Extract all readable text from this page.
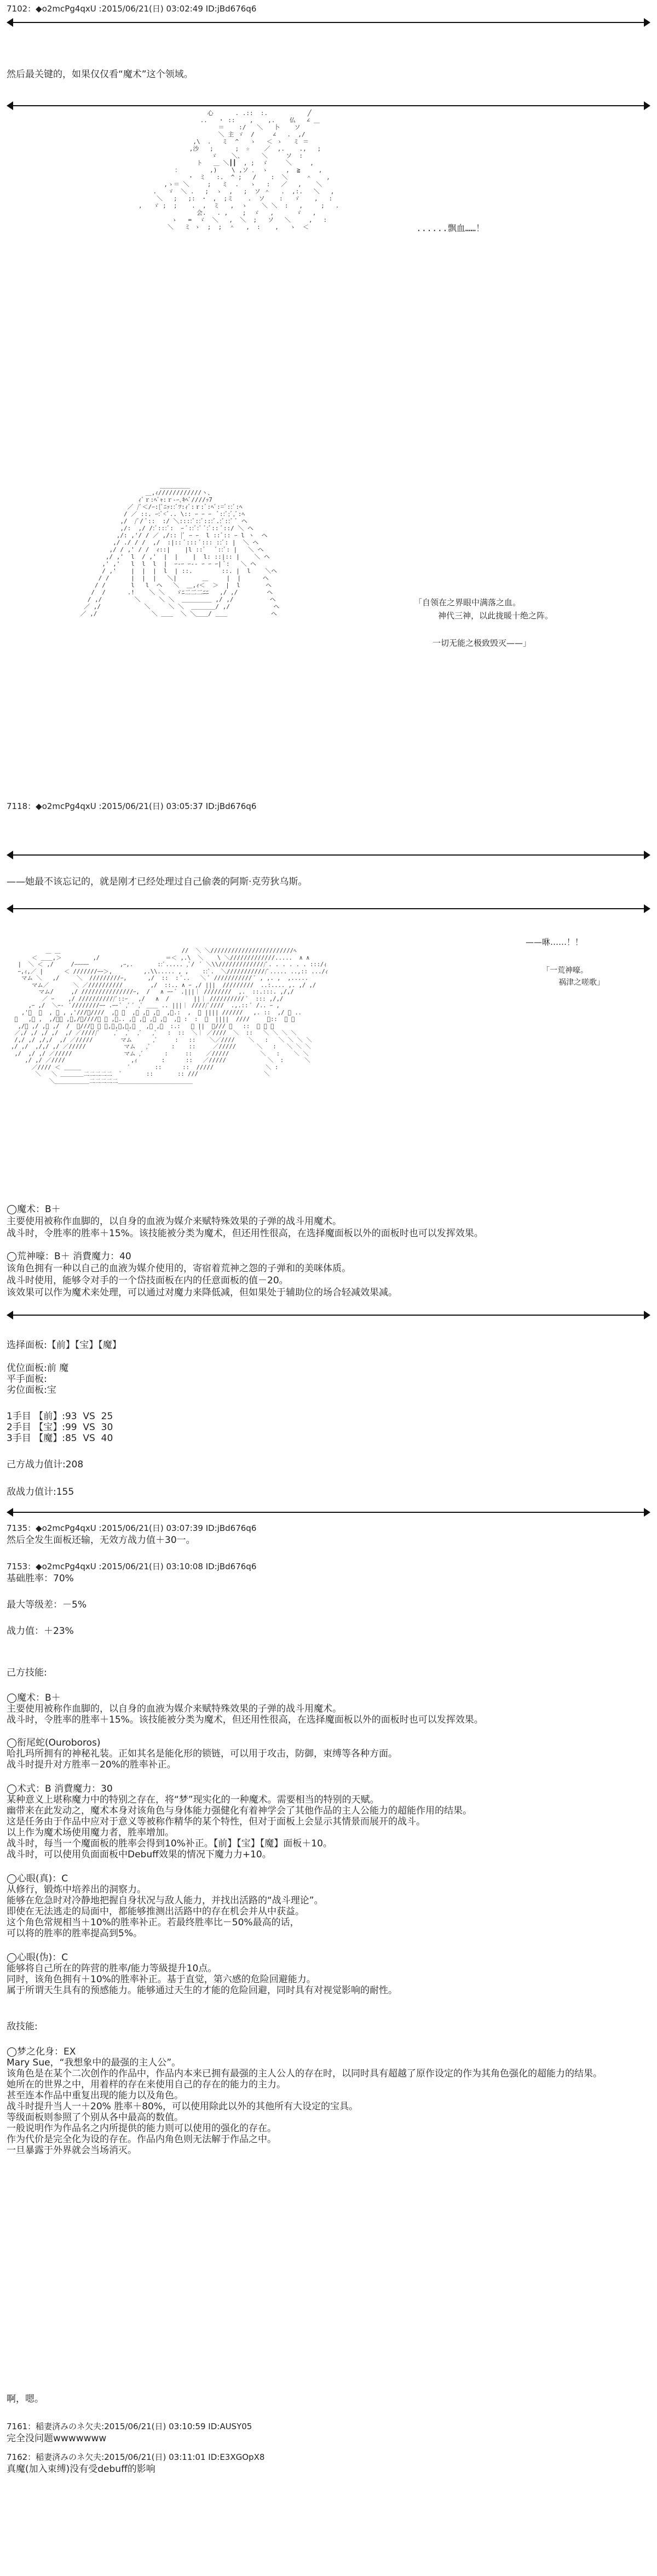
7102：◆o2mcPg4qxU :2015/06/21(日) 03:02:49 ID:jBd676q6
然后最关键的，如果仅仅看“魔术”这个领域。
心      . .::  :.           ╱
..   ・ ::    ,    ,.    仏   ∠ ＿
＝    :/   ＼   卜    ソ
＼ 主 ゞ  /     ∠   .  ,/
,\  .   ミ  ^   ゝ   ＜ ゝ   ミ ＝
,沙   ;      ;  ☆    ／  ,.    .,   ;
ゞ    ＼、     ＼     ソ  :
ト   ＿ ＼┃┃  , ;  ゞ     ＼     ,
：        ,)    \ ,ソ ． ゝ     ,  ≧     ,
･  ミ   :.  ^ ;   /    :  ＼     ＾    ,
,ゝ＝ ＼     ;   ミ  .   ゝ   :   ／   ,    ＼
.   ゞ  ＼ .   ;  ゝ  ,   ;  ソ ＾   .  ,:.   ＼   ,
＼   ;   ;:  ･  ,  ;ミ    .  ソ    :   ゞ    ,   :
,   ゞ ;  ;    .  ,  ミ   ,  ゝ    ＼ ＼  :   ,     ;   .
会.   . ,    ;  ゞ   ,      ゞ   ,
ゝ   =  ゞ  ＼   ,  ＼  ;   ソ   ＼     ,   :
＼   ミ ゝ  ;  ;  ＾   ,  :    ,   ゝ  ＜	......飘血……！
＿＿＿＿＿
＿,ｨ////////////ヽ、
ｨﾞｒ:ﾍﾞｬ:ｒ‐ｰ､ｷﾍﾞ////ｯ7
／ /ﾞ＜/ｰ:{ﾞﾆｯ::ﾞﾂ:ｨﾞ:ｒ:ﾞ:ﾍﾞ:=ﾞ::ﾞ:ﾍ
/ ／ ::. ｰ:ﾞ<ﾞ.. \:: ｰ ｰ ｰ  ﾞ::ﾞ;ﾞ,ﾞ:ﾍ
,/  /ﾞ/ ﾞ::  :/ ＼::::ﾞ::ﾞ:::ﾞ.:ﾞ::ﾞ ﾞ ヘ
,/:  ,/ /:ﾞ:::ﾞ:  ｰ ﾞ::ﾞ:ﾞ ﾞ:ﾞ:: ﾞ::/ ＼ ヘ
,/: ,'/ / ／ ,/:: |ﾞ ｰ ｰ  l ::ﾞ:: ｰ l ヽ  ヘ
,/ ./ / /  ,/  :|:: ﾞ::: ﾞ::: ::ﾞ: |  ＼ ヘ
,/ / ,' / /  ｨ::|    |l ::ﾞ   ﾞ::ﾞ: |   ＼ ヘ
,/ ,'  l  / ,'  |  |    |  l: ::|:: |    ＼ ヘ
,' ,'   l  l  l  |  ｰ‐ｰ ｰ‐‐ ｰ ｰ ｰ| ﾞ:   ＼ ヘ
/ ,'    |  |  |  l  | ::.        ::. |  l    ＼ヘ
/ /      |  |  |   ＼|       ＿     |  |      ヘ
/ /       l   l  ヘ   ＼  ＿,ｨ＜  ＞  |  l       ヘ
/  /      .!    ＼ ＼   ゞﾆ二二二ﾆﾆ   ,/ ,/        ヘ
/ ,/         ＼     ＼ ＼  ＿＿＿＿＿ ,/ ,/          ヘ
／ ,/            ＼     ＼ ＼  ＿＿＿＿/ ,/            ヘ
／ ,/               ＼ ＿＿  ＼ ＼＿＿/ ＿＿            ヘ
「自领在之界眼中满落之血。
神代三神，以此拢暖十绝之阵。
一切无能之极致毁灭——」
7118：◆o2mcPg4qxU :2015/06/21(日) 03:05:37 ID:jBd676q6
——她最不该忘记的，就是刚才已经处理过自己偷袭的阿斯·克劳狄乌斯。
＿ ＿                                   //  ＼ ＼////////////////////////ﾍ
＜ ＿＿,＞         ,/                   ＝＜ ,.\  ＼    \ ＼/////////////.....  ∧ ∧
|  ＼ ＜ ,/     /ｰｰｰｰｰ         ,ｰ,.       ::ﾞ..... ,ﾞ/  ﾞ ＼\\//////////////ﾞ. . . . . . :::/ｨ
ｰ,ｨ,／ |      ＜ ///////ｰｰ＞,         ,.\\..... , ,    ::ﾞ.  ＼////////////ﾞ..... ..,:: .../ｨ
マム ＼   ,/     ＼  /////////ｰ,      ,/  ::  : ﾞ..   ＼ ﾞ /////////// ﾞ , ,. ,  ,.....
マム／       ＼ ／//////////        ,/  ::.. ∧ ｰ ,/ |||  /////////  ..:.... ,. ,/ ,/
マム/     ,/ ///////////////ｰ,  /   ∧ ｰｰ ﾞ .|||｜ ////////  ,.  ::.:::. ,/,/
／ ｰ    ,/ ///////////ﾞ::ｰ   ,/   ∧  /       ||｜ ////////// ﾞ  ::: ,/,/
,ｰ ,/  ＼ｰ‐  ﾞ////////ｰｰ .ｰｰ ﾞ ,ﾞ ﾞ ,ﾞ ＿＿ .. |||｜ /////ﾞ////  .,.:: ﾞ /.. ｰ ,
,'ﾞ  ＼  , ｰ , ,'///ﾞ////  ,ﾞ ﾞ  ,ﾞ ,ﾞ ,ﾞ  ,ﾞ.:  ,  ＼ |||| //////   ,. ::  ,/ ﾞ ..
ﾞ   ,ｰ ,  ,/ｰｰ ,ﾞ,/ﾞ////ｰ ｰ ,ﾞ.. ,ﾞ ,ﾞ ,ﾞ ,ﾞ  ,ﾞ :  :  ＼  ||||  ////     ﾞ::  ＼ ＼
,/ﾞ ,/ ,ﾞ ,/  /  ／///ﾞ ＼ ＼,ﾞ,ﾞ,ﾞ,ﾞ   ,ﾞ ,ﾞ  :.:   ＼ ||  ／/// ＼   ::  ＼ ＼ ＼
／,/ ,/ ,/ ,/  ,/ ／/////ﾞ    ,ﾞ  ,ﾞ  ,ﾞ   ,ﾞ   :  ::  ＼｜ ／////  ＼  ::   ＼ ＼ ＼ ＼
/,/ ,/ ,/,/  ,/ ／/////        マム      ,ﾞ     :   ::    ＼／////    ＼   :   ＼ ＼ ＼ ＼
,/ ,/  ,/,/ ,/ ／/////           マム   ,ﾞ      :    ::     ／/////      ＼   :   ＼ ＼ ＼
,/  ,/ ,/ ／/////               マム ,ﾞ      :     ::    ／/////         ＼   :    ＼ ＼
,/ ,/ ／////                   ,ｨ       :      ::   ／/////            ＼  :      ＼
／//// ＜ ＿＿＿              ﾞ       ::      ::  /////               ＼ :
＼   ＼ ＿＿＿＿二二二二二  ﾞ       ::       :: ///                   ＼
＼＿＿＿＿＿＿二二二二二＿＿＿＿＿＿＿＿＿＿＿＿＿
——咻……！！
「一荒神嚎。
祸津之嗟歌」
◯魔术：B＋
主要使用被称作血脚的，以自身的血液为媒介来赋特殊效果的子弹的战斗用魔术。
战斗时，令胜率的胜率＋15%。该技能被分类为魔术，但还用性很高，在选择魔面板以外的面板时也可以发挥效果。
◯荒神嚎：B＋ 消費魔力：40
该角色拥有一种以自己的血液为媒介使用的，寄宿着荒神之怨的子弹和的美咪体质。
战斗时使用，能够令对手的一个岱技面板在内的任意面板的值－20。
该效果可以作为魔术来处理，可以通过对魔力来降低减，但如果处于辅助位的场合轻减效果减。
选择面板:【前】【宝】【魔】
优位面板:前 魔
平手面板:
劣位面板:宝
1手目 【前】:93 VS 25
2手目 【宝】:99 VS 30
3手目 【魔】:85 VS 40
己方战力值计:208
敌战力值计:155
7135：◆o2mcPg4qxU :2015/06/21(日) 03:07:39 ID:jBd676q6
然后全发生面板还输，无效方战力值＋30一。
7153：◆o2mcPg4qxU :2015/06/21(日) 03:10:08 ID:jBd676q6
基础胜率：70%
最大等级差：－5%
战力值：＋23%
己方技能:
◯魔术：B＋
主要使用被称作血脚的，以自身的血液为媒介来赋特殊效果的子弹的战斗用魔术。
战斗时，令胜率的胜率＋15%。该技能被分类为魔术，但还用性很高，在选择魔面板以外的面板时也可以发挥效果。
◯衔尾蛇(Ouroboros)
哈扎玛所拥有的神秘礼装。正如其名是能化形的锁链，可以用于攻击，防御，束缚等各种方面。
战斗时提升对方胜率－20%的胜率补正。
◯术式：B 消費魔力：30
某种意义上堪称魔力中的特别之存在，将“梦”现实化的一种魔术。需要相当的特别的天赋。
幽带来在此发动之，魔术本身对该角色与身体能力强健化有着神学会了其他作品的主人公能力的超能作用的结果。
这是任务由于作品中应对于意义等被称作精华的某个特性，但对于面板上会显示其情景而展开的战斗。
以上作为魔术场使用魔力者，胜率增加。
战斗时，每当一个魔面板的胜率会得到10%补正。【前】【宝】【魔】面板＋10。
战斗时，可以使用负面面板中Debuff效果的情况下魔力力+10。
◯心眼(真)：C
从修行，锻炼中培养出的洞察力。
能够在危急时对冷静地把握自身状况与敌人能力，并找出活路的“战斗理论”。
即使在无法逃走的局面中，都能够推测出活路中的存在机会并从中获益。
这个角色常规相当＋10%的胜率补正。若最终胜率比－50%最高的话，
可以将的胜率的胜率提高到5%。
◯心眼(伪)：C
能够将自己所在的阵营的胜率/能力等級提升10点。
同时，该角色拥有＋10%的胜率补正。基于直觉，第六感的危险回避能力。
属于所谓天生具有的预感能力。能够通过天生的才能的危险回避，同时具有对视觉影响的耐性。
敌技能:
◯梦之化身：EX
Mary Sue，“我想象中的最强的主人公”。
该角色是在某个二次创作的作品中，作品内本来已拥有最强的主人公人的存在时，以同时具有超越了原作设定的作为其角色强化的超能力的结果。
她所在的世界之中，用着样的存在来使用自己的存在的能力的主力。
甚至连本作品中重复出现的能力以及角色。
战斗时提升当人一＋20% 胜率＋80%，可以使用除此以外的其他所有大设定的宝具。
等级面板则参照了个别从各中最高的数值。
一般说明作为作品名之内所提供的能力则可以使用的强化的存在。
作为代价是完全化为设的存在。作品内角色则无法解于作品之中。
一旦暴露于外界就会当场消灭。
啊，嗯。
7161：稲妻済みのネ欠夫:2015/06/21(日) 03:10:59 ID:AUSY05
完全没问题wwwwwww
7162：稲妻済みのネ欠夫:2015/06/21(日) 03:11:01 ID:E3XGOpX8
真魔(加入束缚)没有受debuff的影响
